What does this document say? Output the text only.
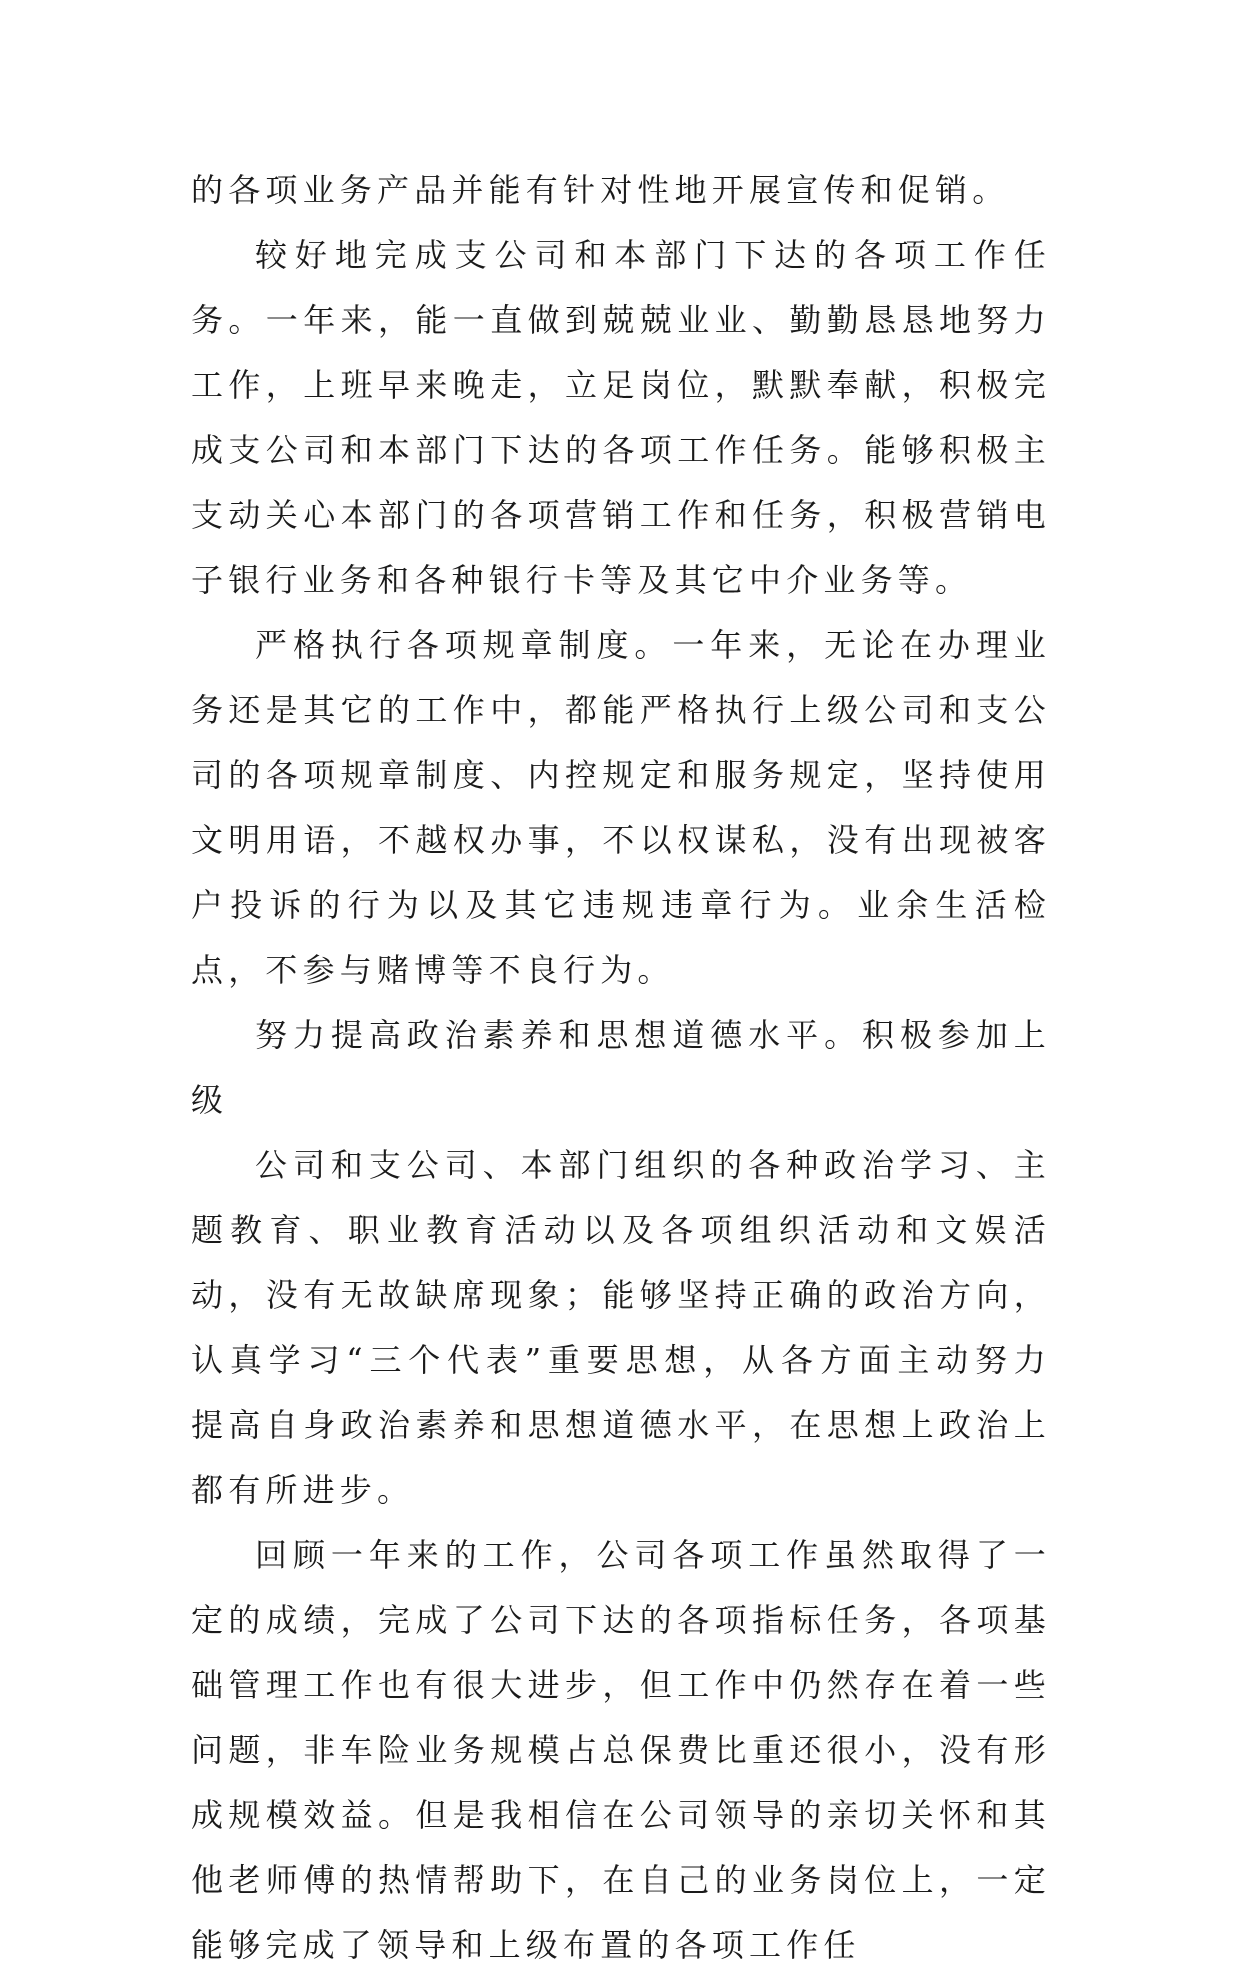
的各项业务产品并能有针对性地开展宣传和促销。

较好地完成支公司和本部门下达的各项工作任务。一年来，能一直做到兢兢业业、勤勤恳恳地努力工作，上班早来晚走，立足岗位，默默奉献，积极完成支公司和本部门下达的各项工作任务。能够积极主支动关心本部门的各项营销工作和任务，积极营销电子银行业务和各种银行卡等及其它中介业务等。

严格执行各项规章制度。一年来，无论在办理业务还是其它的工作中，都能严格执行上级公司和支公司的各项规章制度、内控规定和服务规定，坚持使用文明用语，不越权办事，不以权谋私，没有出现被客户投诉的行为以及其它违规违章行为。业余生活检点，不参与赌博等不良行为。

努力提高政治素养和思想道德水平。积极参加上级

公司和支公司、本部门组织的各种政治学习、主题教育、职业教育活动以及各项组织活动和文娱活动，没有无故缺席现象；能够坚持正确的政治方向，认真学习“三个代表”重要思想，从各方面主动努力提高自身政治素养和思想道德水平，在思想上政治上都有所进步。

回顾一年来的工作，公司各项工作虽然取得了一定的成绩，完成了公司下达的各项指标任务，各项基础管理工作也有很大进步，但工作中仍然存在着一些问题，非车险业务规模占总保费比重还很小，没有形成规模效益。但是我相信在公司领导的亲切关怀和其他老师傅的热情帮助下，在自己的业务岗位上，一定能够完成了领导和上级布置的各项工作任
